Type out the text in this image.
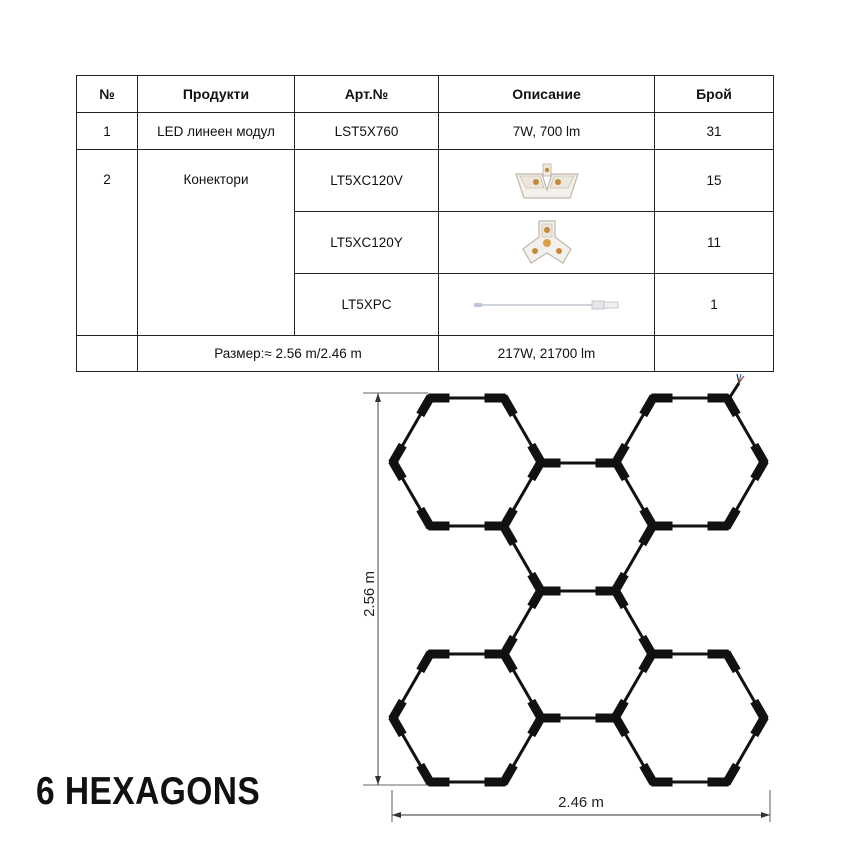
№	Продукти	Арт.№	Описание	Брой
1	LED линеен модул	LST5X760	7W, 700 lm	31
2	Конектори	LT5XC120V		15
		LT5XC120Y		11
		LT5XPC		1
	Размер:≈ 2.56 m/2.46 m		217W, 21700 lm	
2.56 m
2.46 m
6 HEXAGONS
